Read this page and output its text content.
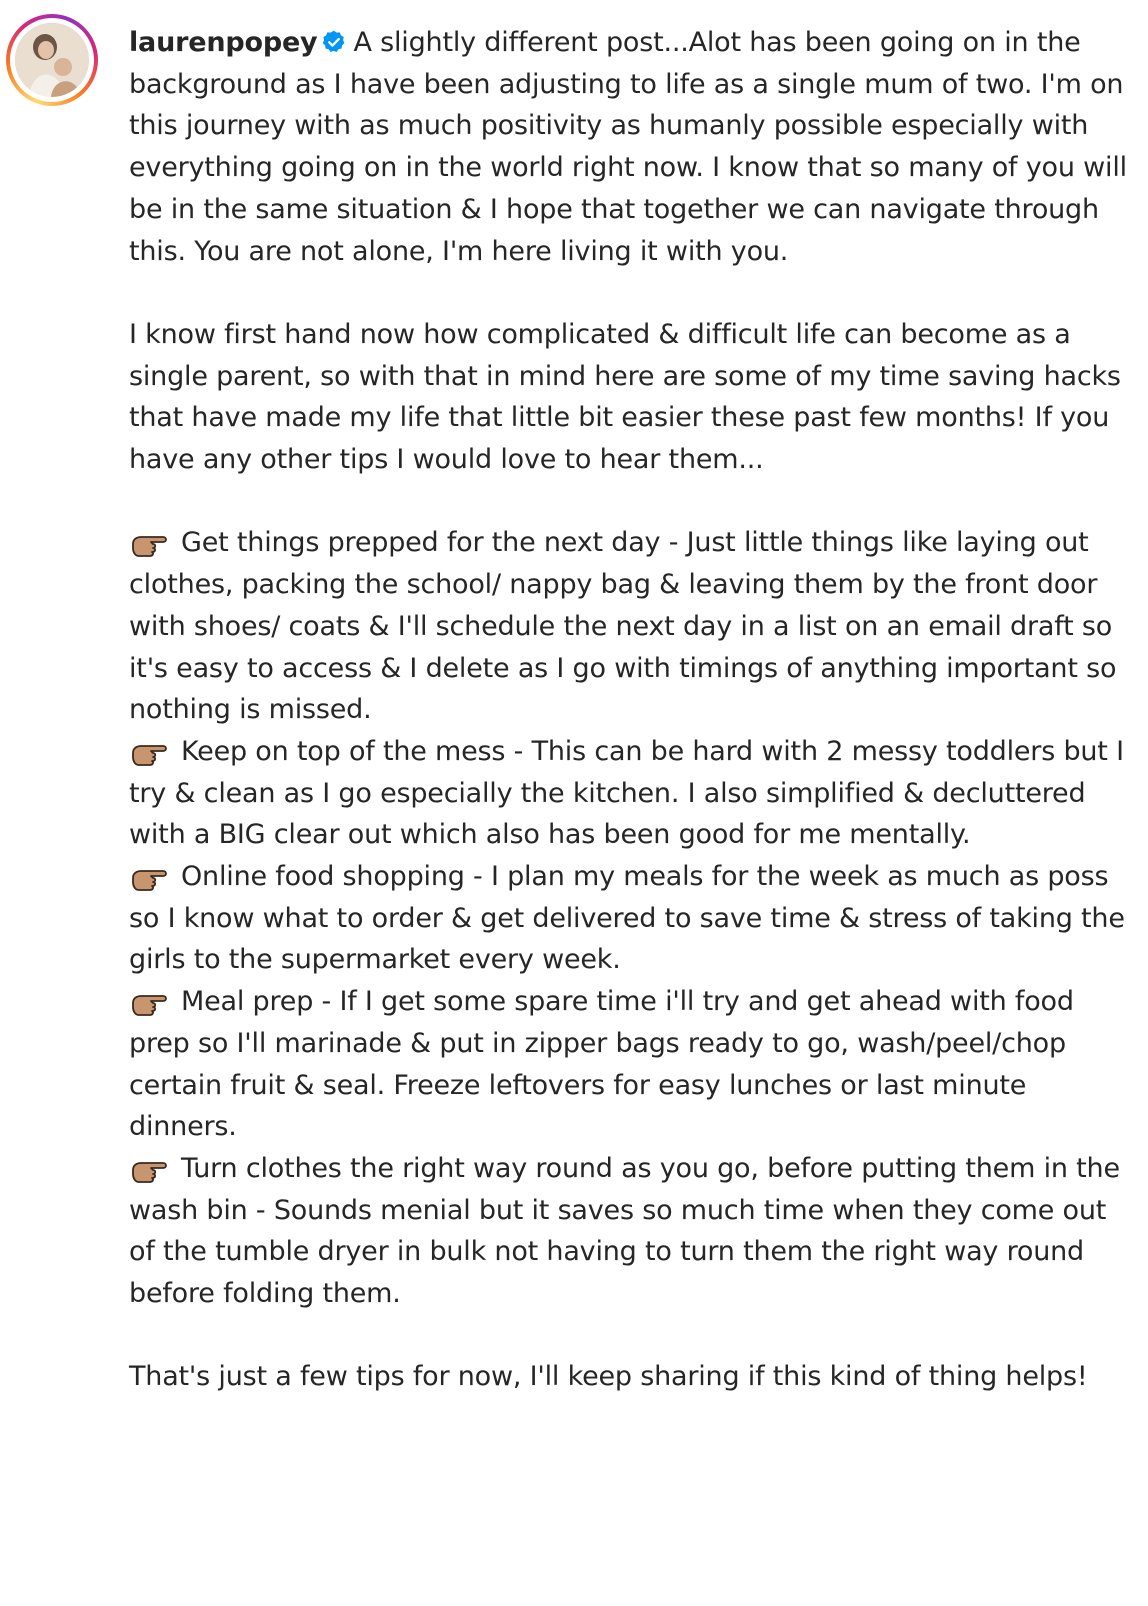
laurenpopey A slightly different post...Alot has been going on in the background as I have been adjusting to life as a single mum of two. I'm on this journey with as much positivity as humanly possible especially with everything going on in the world right now. I know that so many of you will be in the same situation & I hope that together we can navigate through this. You are not alone, I'm here living it with you.

I know first hand now how complicated & difficult life can become as a single parent, so with that in mind here are some of my time saving hacks that have made my life that little bit easier these past few months! If you have any other tips I would love to hear them...

Get things prepped for the next day - Just little things like laying out clothes, packing the school/ nappy bag & leaving them by the front door with shoes/ coats & I'll schedule the next day in a list on an email draft so it's easy to access & I delete as I go with timings of anything important so nothing is missed.

Keep on top of the mess - This can be hard with 2 messy toddlers but I try & clean as I go especially the kitchen. I also simplified & decluttered with a BIG clear out which also has been good for me mentally.

Online food shopping - I plan my meals for the week as much as poss so I know what to order & get delivered to save time & stress of taking the girls to the supermarket every week.

Meal prep - If I get some spare time i'll try and get ahead with food prep so I'll marinade & put in zipper bags ready to go, wash/peel/chop certain fruit & seal. Freeze leftovers for easy lunches or last minute dinners.

Turn clothes the right way round as you go, before putting them in the wash bin - Sounds menial but it saves so much time when they come out of the tumble dryer in bulk not having to turn them the right way round before folding them.

That's just a few tips for now, I'll keep sharing if this kind of thing helps!
